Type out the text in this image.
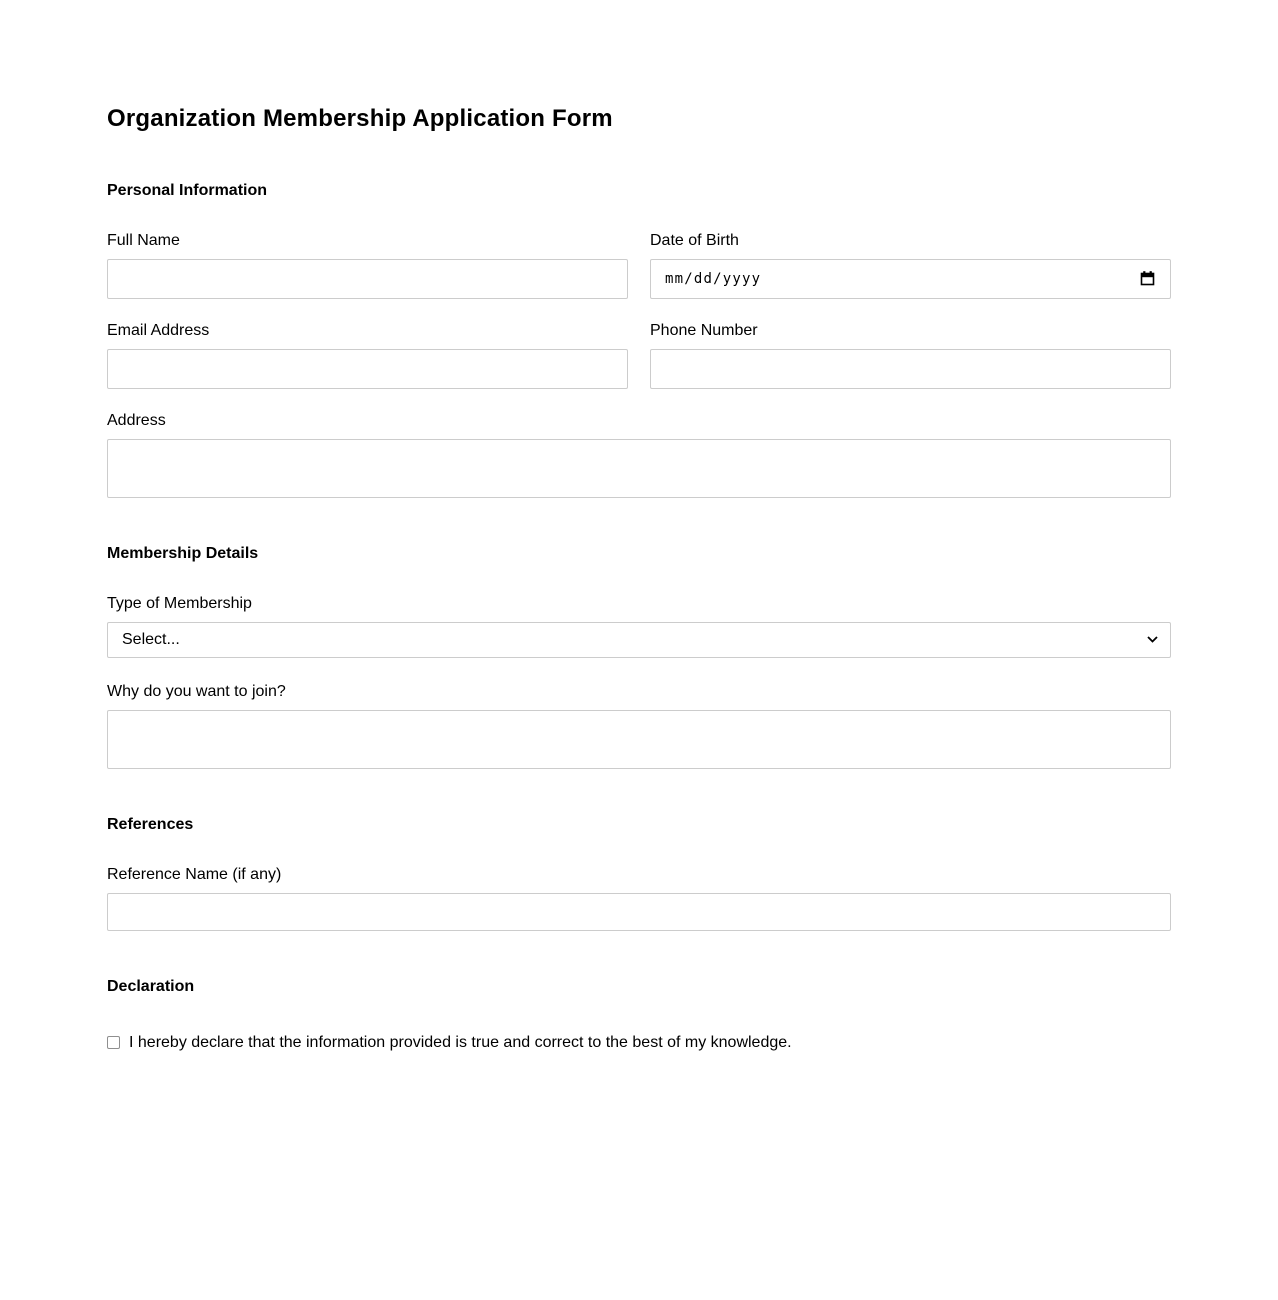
Organization Membership Application Form
Personal Information
Full Name	Date of Birth
mm/dd/yyyy
Email Address	Phone Number
Address
Membership Details
Type of Membership
Select...
Why do you want to join?
References
Reference Name (if any)
Declaration
I hereby declare that the information provided is true and correct to the best of my knowledge.
